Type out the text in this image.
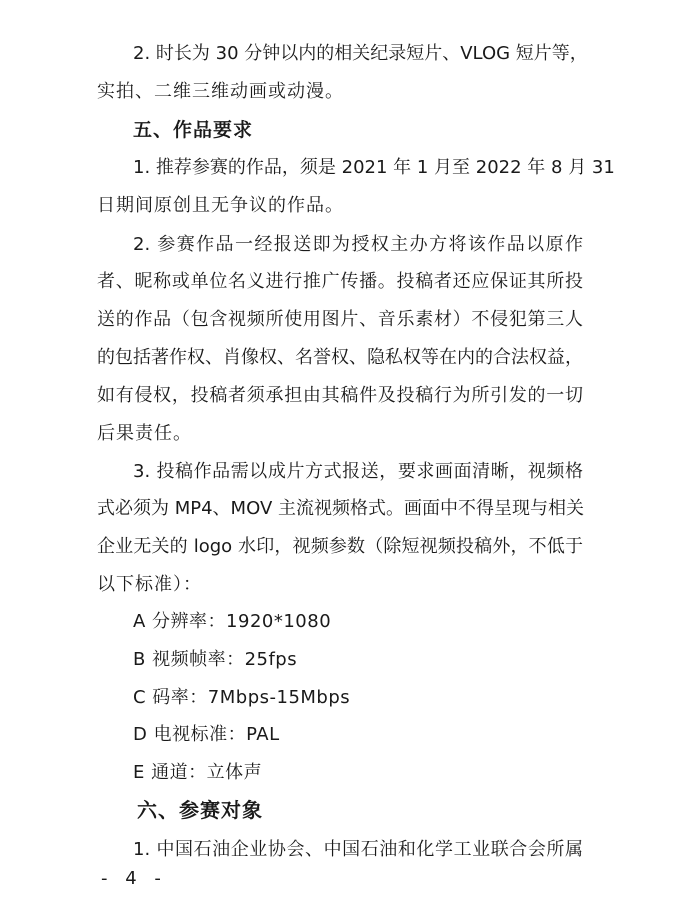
2. 时长为 30 分钟以内的相关纪录短片、VLOG 短片等，
实拍、二维三维动画或动漫。
五、作品要求
1. 推荐参赛的作品，须是 2021 年 1 月至 2022 年 8 月 31
日期间原创且无争议的作品。
2. 参赛作品一经报送即为授权主办方将该作品以原作
者、昵称或单位名义进行推广传播。投稿者还应保证其所投
送的作品（包含视频所使用图片、音乐素材）不侵犯第三人
的包括著作权、肖像权、名誉权、隐私权等在内的合法权益，
如有侵权，投稿者须承担由其稿件及投稿行为所引发的一切
后果责任。
3. 投稿作品需以成片方式报送，要求画面清晰，视频格
式必须为 MP4、MOV 主流视频格式。画面中不得呈现与相关
企业无关的 logo 水印，视频参数（除短视频投稿外，不低于
以下标准）：
A 分辨率：1920*1080
B 视频帧率：25fps
C 码率：7Mbps-15Mbps
D 电视标准：PAL
E 通道：立体声
六、参赛对象
1. 中国石油企业协会、中国石油和化学工业联合会所属
- 4 -
